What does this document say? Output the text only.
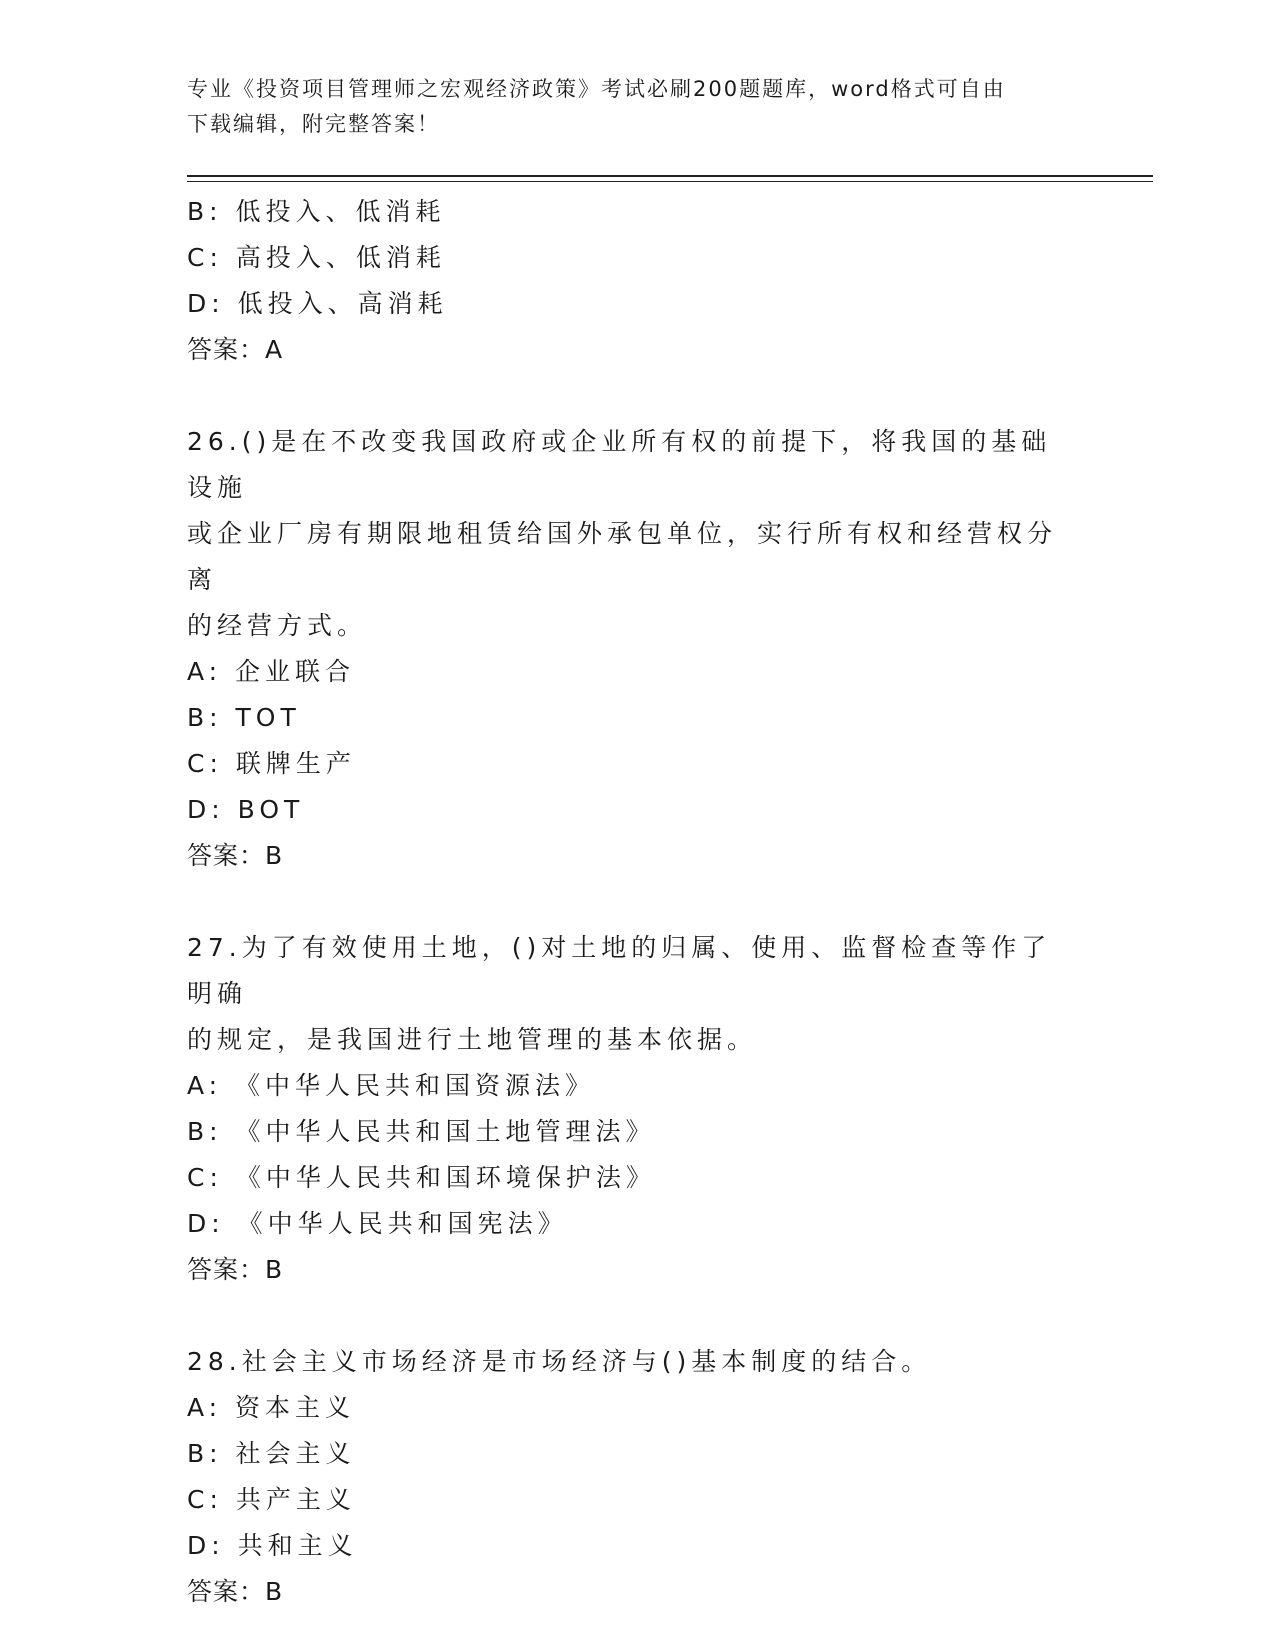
专业《投资项目管理师之宏观经济政策》考试必刷200题题库，word格式可自由
下载编辑，附完整答案！
B: 低投入、低消耗
C: 高投入、低消耗
D: 低投入、高消耗
答案：A
26.()是在不改变我国政府或企业所有权的前提下，将我国的基础设施
或企业厂房有期限地租赁给国外承包单位，实行所有权和经营权分离
的经营方式。
A: 企业联合
B: TOT
C: 联牌生产
D: BOT
答案：B
27.为了有效使用土地，()对土地的归属、使用、监督检查等作了明确
的规定，是我国进行土地管理的基本依据。
A: 《中华人民共和国资源法》
B: 《中华人民共和国土地管理法》
C: 《中华人民共和国环境保护法》
D: 《中华人民共和国宪法》
答案：B
28.社会主义市场经济是市场经济与()基本制度的结合。
A: 资本主义
B: 社会主义
C: 共产主义
D: 共和主义
答案：B
